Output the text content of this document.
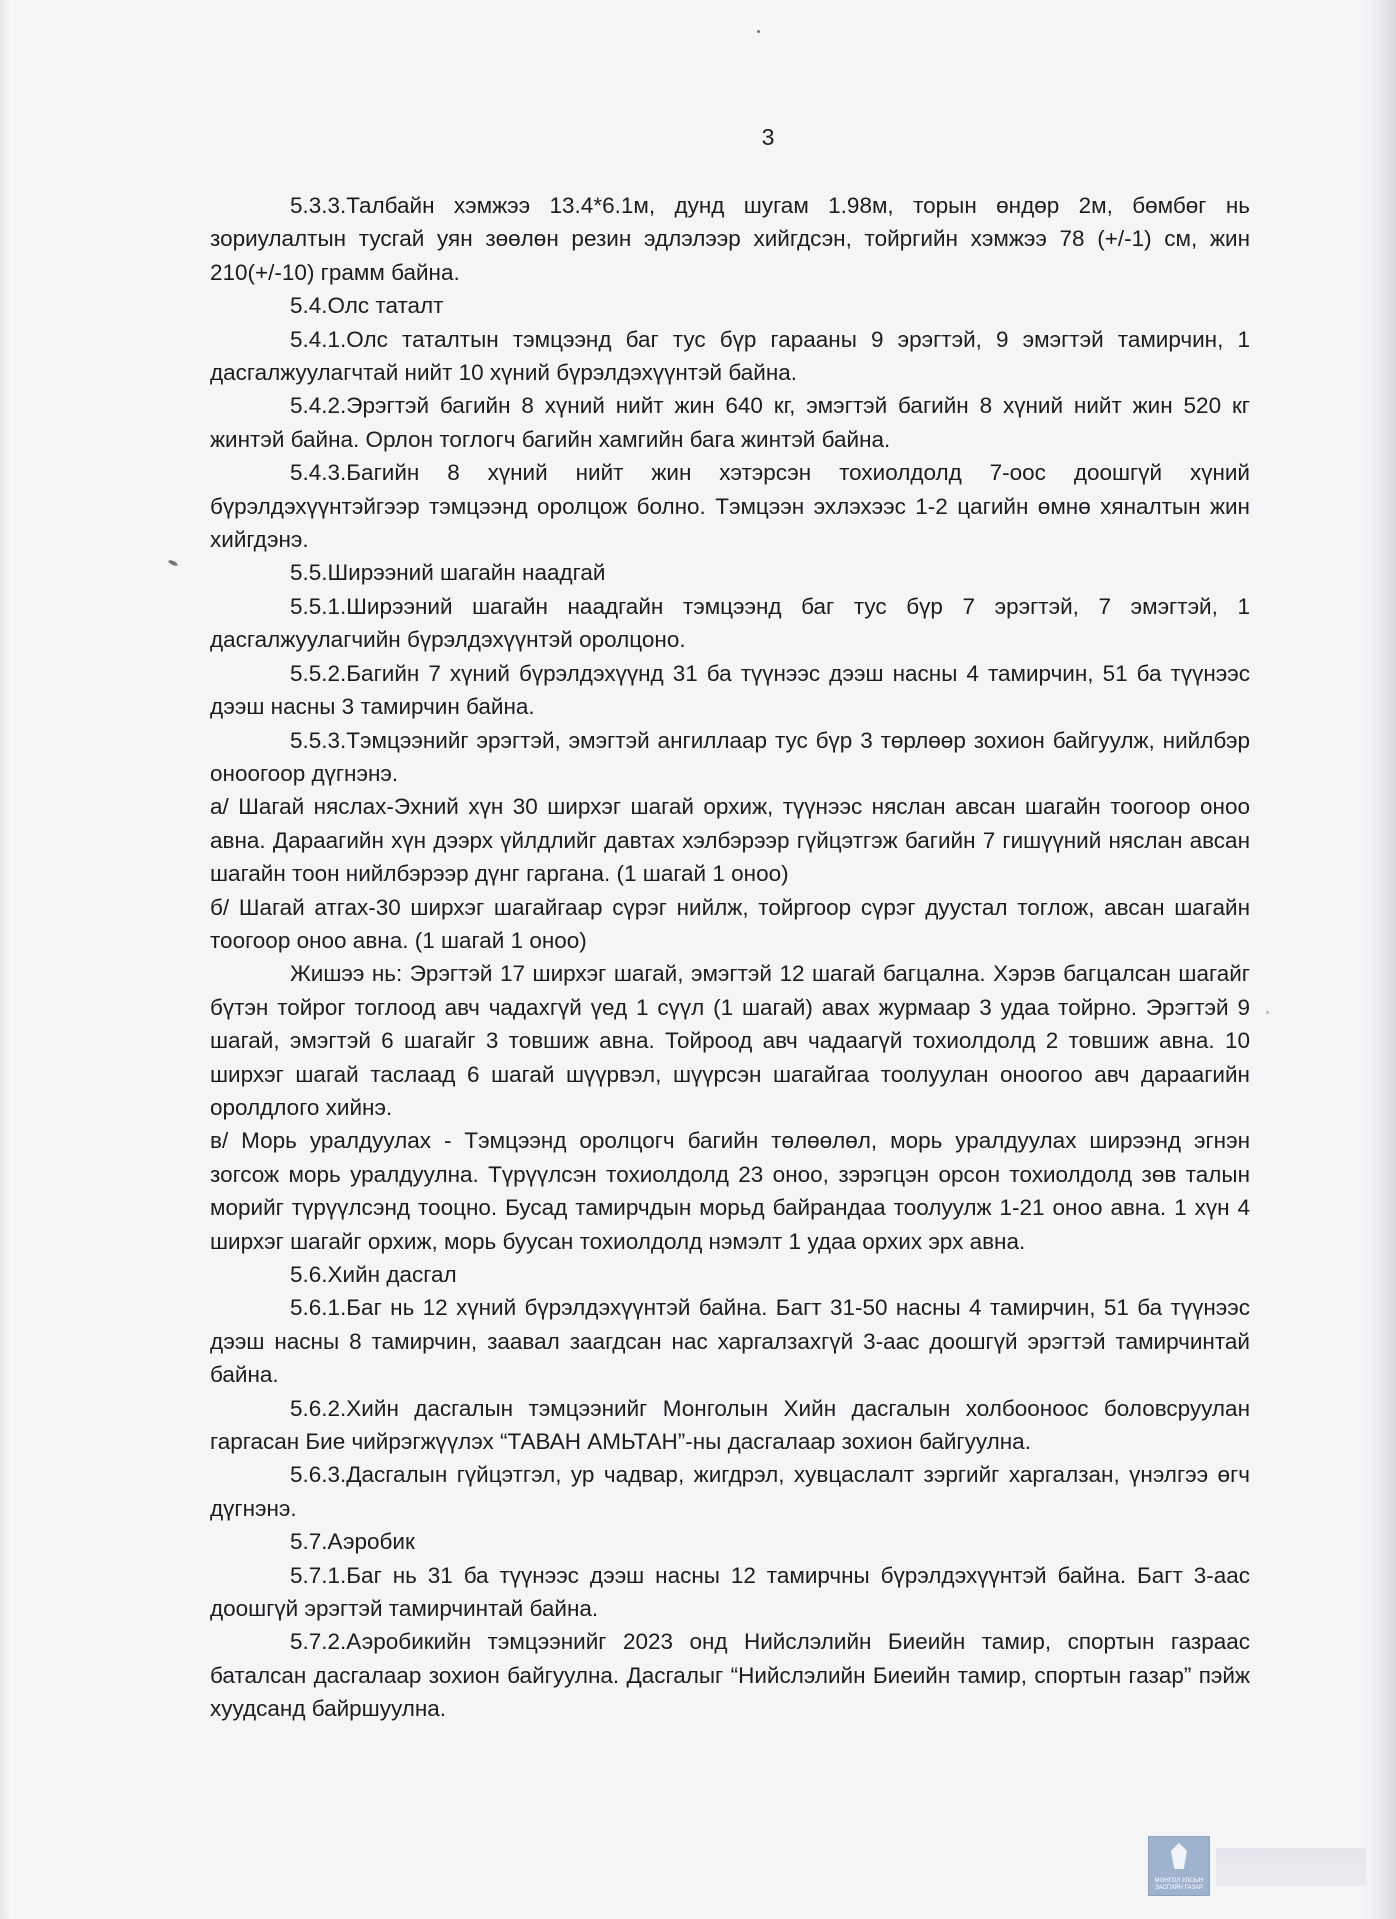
3

5.3.3.Талбайн хэмжээ 13.4*6.1м, дунд шугам 1.98м, торын өндөр 2м, бөмбөг нь зориулалтын тусгай уян зөөлөн резин эдлэлээр хийгдсэн, тойргийн хэмжээ 78 (+/-1) см, жин 210(+/-10) грамм байна.

5.4.Олс таталт

5.4.1.Олс таталтын тэмцээнд баг тус бүр гарааны 9 эрэгтэй, 9 эмэгтэй тамирчин, 1 дасгалжуулагчтай нийт 10 хүний бүрэлдэхүүнтэй байна.

5.4.2.Эрэгтэй багийн 8 хүний нийт жин 640 кг, эмэгтэй багийн 8 хүний нийт жин 520 кг жинтэй байна. Орлон тоглогч багийн хамгийн бага жинтэй байна.

5.4.3.Багийн 8 хүний нийт жин хэтэрсэн тохиолдолд 7-оос доошгүй хүний бүрэлдэхүүнтэйгээр тэмцээнд оролцож болно. Тэмцээн эхлэхээс 1-2 цагийн өмнө хяналтын жин хийгдэнэ.

5.5.Ширээний шагайн наадгай

5.5.1.Ширээний шагайн наадгайн тэмцээнд баг тус бүр 7 эрэгтэй, 7 эмэгтэй, 1 дасгалжуулагчийн бүрэлдэхүүнтэй оролцоно.

5.5.2.Багийн 7 хүний бүрэлдэхүүнд 31 ба түүнээс дээш насны 4 тамирчин, 51 ба түүнээс дээш насны 3 тамирчин байна.

5.5.3.Тэмцээнийг эрэгтэй, эмэгтэй ангиллаар тус бүр 3 төрлөөр зохион байгуулж, нийлбэр оноогоор дүгнэнэ.

а/ Шагай няслах-Эхний хүн 30 ширхэг шагай орхиж, түүнээс няслан авсан шагайн тоогоор оноо авна. Дараагийн хүн дээрх үйлдлийг давтах хэлбэрээр гүйцэтгэж багийн 7 гишүүний няслан авсан шагайн тоон нийлбэрээр дүнг гаргана. (1 шагай 1 оноо)

б/ Шагай атгах-30 ширхэг шагайгаар сүрэг нийлж, тойргоор сүрэг дуустал тоглож, авсан шагайн тоогоор оноо авна. (1 шагай 1 оноо)

Жишээ нь: Эрэгтэй 17 ширхэг шагай, эмэгтэй 12 шагай багцална. Хэрэв багцалсан шагайг бүтэн тойрог тоглоод авч чадахгүй үед 1 сүүл (1 шагай) авах журмаар 3 удаа тойрно. Эрэгтэй 9 шагай, эмэгтэй 6 шагайг 3 товшиж авна. Тойроод авч чадаагүй тохиолдолд 2 товшиж авна. 10 ширхэг шагай таслаад 6 шагай шүүрвэл, шүүрсэн шагайгаа тоолуулан оноогоо авч дараагийн оролдлого хийнэ.

в/ Морь уралдуулах - Тэмцээнд оролцогч багийн төлөөлөл, морь уралдуулах ширээнд эгнэн зогсож морь уралдуулна. Түрүүлсэн тохиолдолд 23 оноо, зэрэгцэн орсон тохиолдолд зөв талын морийг түрүүлсэнд тооцно. Бусад тамирчдын морьд байрандаа тоолуулж 1-21 оноо авна. 1 хүн 4 ширхэг шагайг орхиж, морь буусан тохиолдолд нэмэлт 1 удаа орхих эрх авна.

5.6.Хийн дасгал

5.6.1.Баг нь 12 хүний бүрэлдэхүүнтэй байна. Багт 31-50 насны 4 тамирчин, 51 ба түүнээс дээш насны 8 тамирчин, заавал заагдсан нас харгалзахгүй 3-аас доошгүй эрэгтэй тамирчинтай байна.

5.6.2.Хийн дасгалын тэмцээнийг Монголын Хийн дасгалын холбооноос боловсруулан гаргасан Бие чийрэгжүүлэх “ТАВАН АМЬТАН”-ны дасгалаар зохион байгуулна.

5.6.3.Дасгалын гүйцэтгэл, ур чадвар, жигдрэл, хувцаслалт зэргийг харгалзан, үнэлгээ өгч дүгнэнэ.

5.7.Аэробик

5.7.1.Баг нь 31 ба түүнээс дээш насны 12 тамирчны бүрэлдэхүүнтэй байна. Багт 3-аас доошгүй эрэгтэй тамирчинтай байна.

5.7.2.Аэробикийн тэмцээнийг 2023 онд Нийслэлийн Биеийн тамир, спортын газраас баталсан дасгалаар зохион байгуулна. Дасгалыг “Нийслэлийн Биеийн тамир, спортын газар” пэйж хуудсанд байршуулна.

МОНГОЛ УЛСЫН ЗАСГИЙН ГАЗАР
